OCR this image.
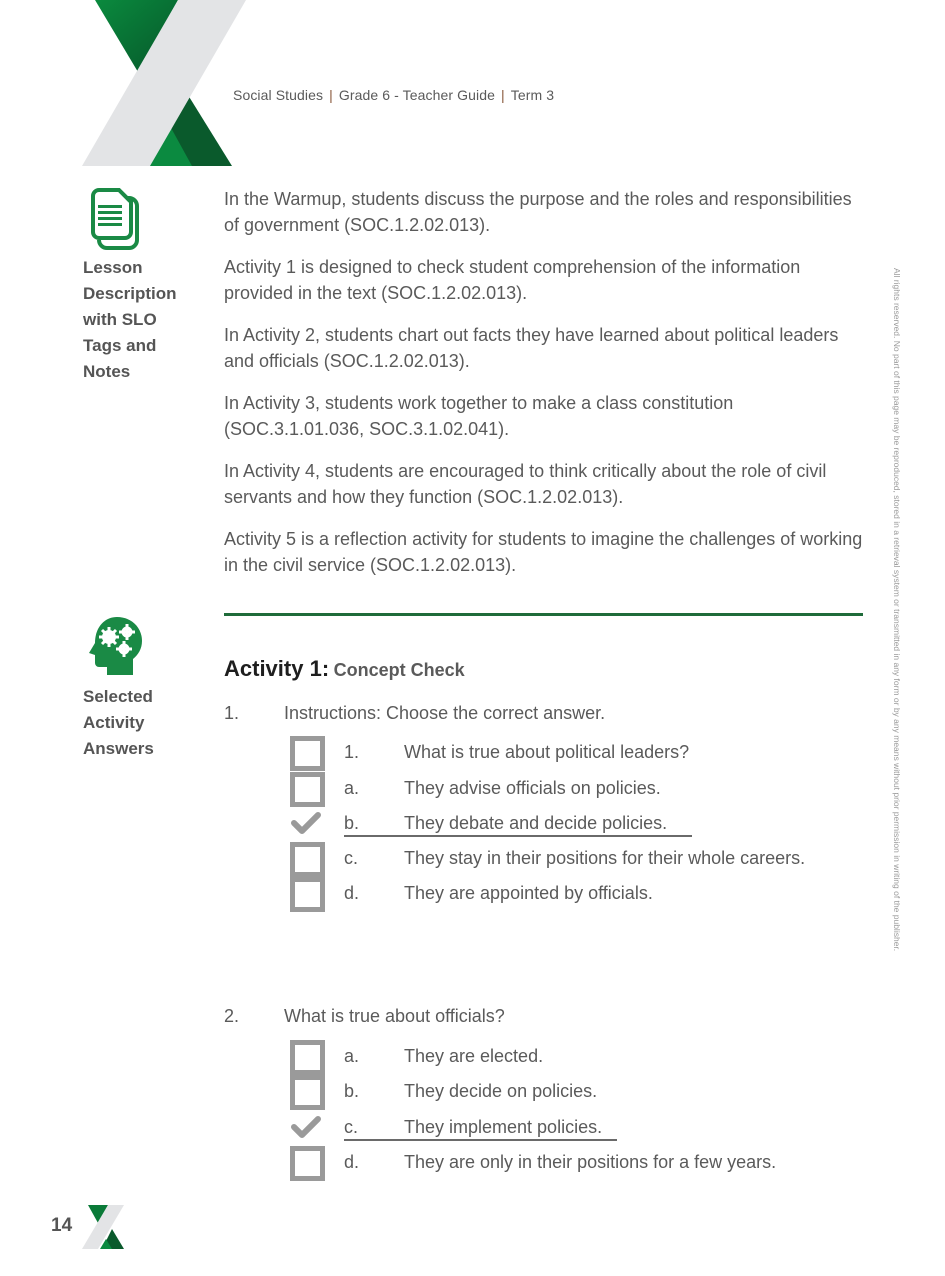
Social Studies | Grade 6 - Teacher Guide | Term 3
Lesson
Description
with SLO
Tags and
Notes

In the Warmup, students discuss the purpose and the roles and responsibilities of government (SOC.1.2.02.013).

Activity 1 is designed to check student comprehension of the information provided in the text (SOC.1.2.02.013).

In Activity 2, students chart out facts they have learned about political leaders and officials (SOC.1.2.02.013).

In Activity 3, students work together to make a class constitution (SOC.3.1.01.036, SOC.3.1.02.041).

In Activity 4, students are encouraged to think critically about the role of civil servants and how they function (SOC.1.2.02.013).

Activity 5 is a reflection activity for students to imagine the challenges of working in the civil service (SOC.1.2.02.013).

Selected
Activity
Answers
Activity 1: Concept Check
1. Instructions: Choose the correct answer.
1. What is true about political leaders?
a. They advise officials on policies.
b. They debate and decide policies.
c.	They stay in their positions for their whole careers.
d. They are appointed by officials.
2. What is true about officials?
a. They are elected.
b. They decide on policies.
c.	They implement policies.
d. They are only in their positions for a few years.
All rights reserved. No part of this page may be reproduced, stored in a retrieval system or transmitted in any form or by any means without prior permission in writing of the publisher.
14
